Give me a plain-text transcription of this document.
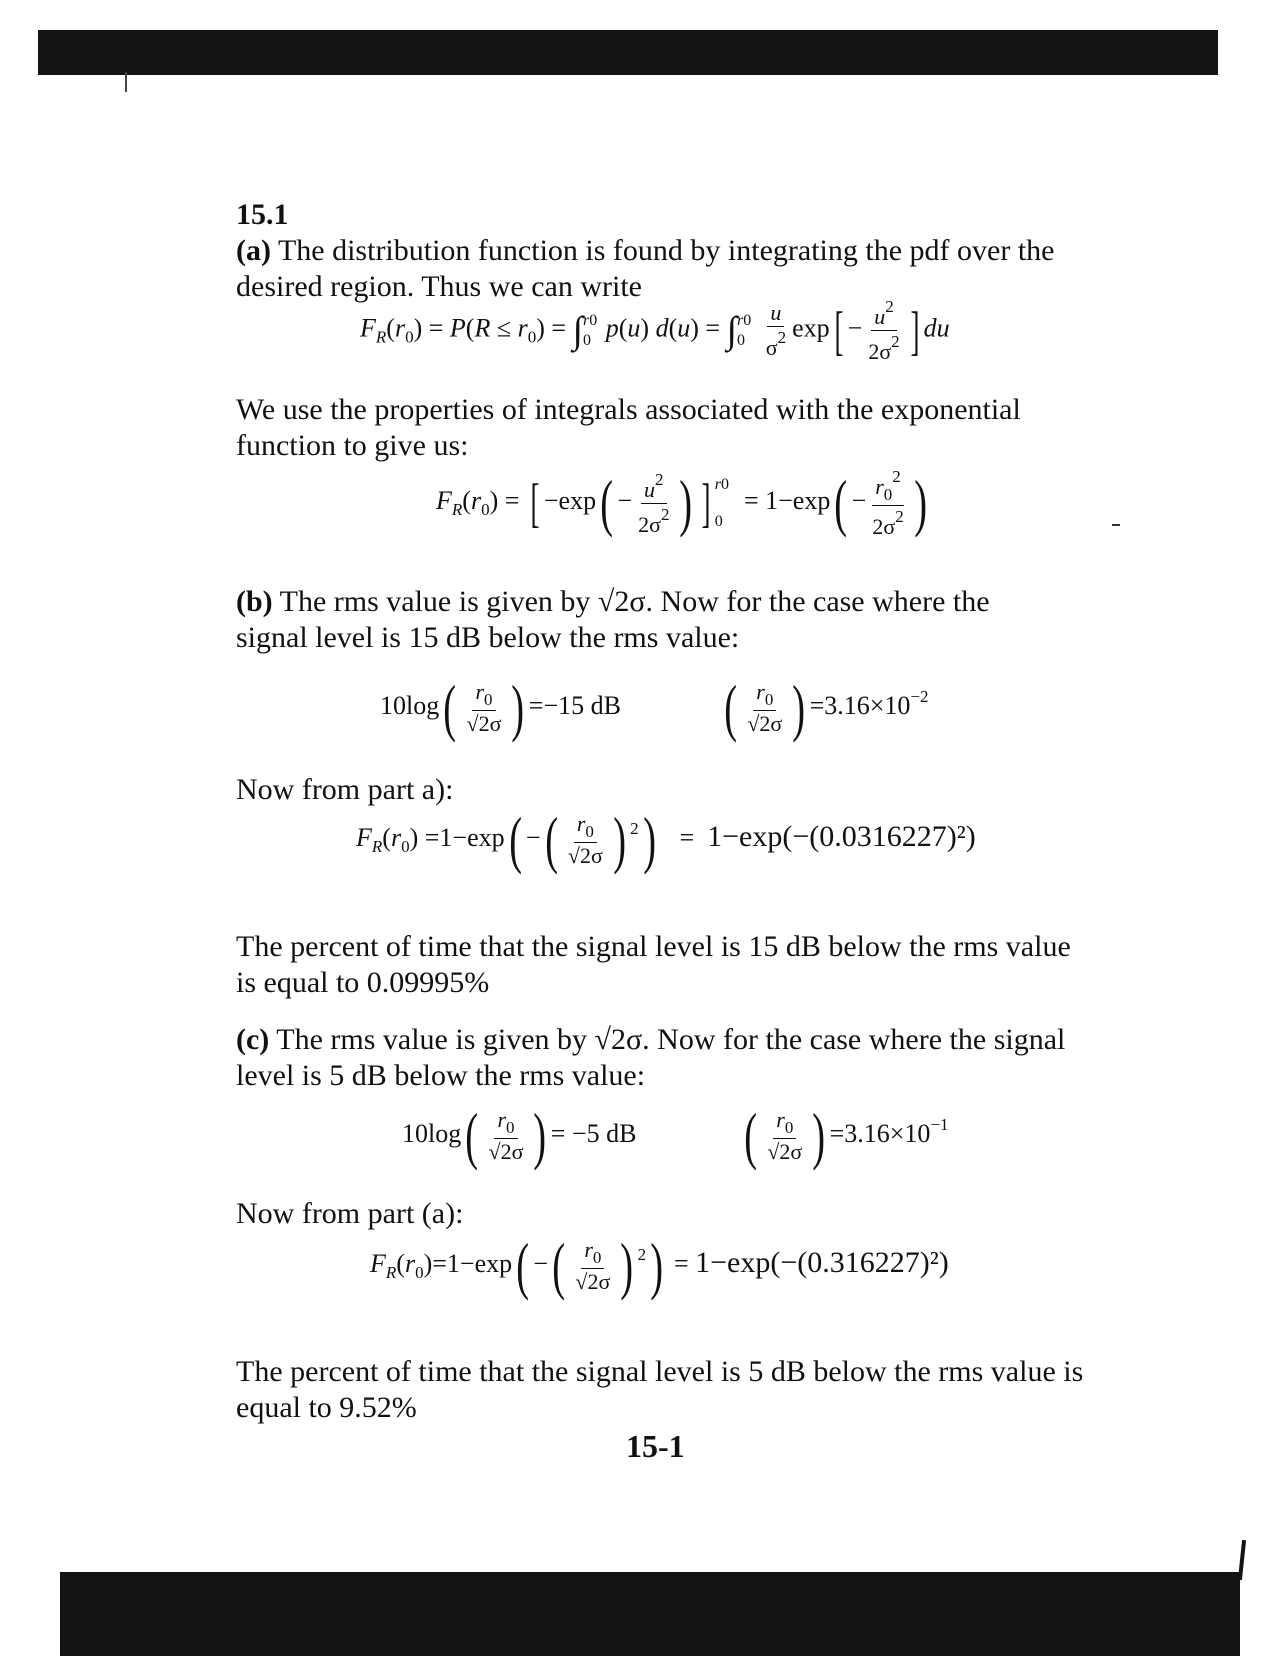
15.1
(a) The distribution function is found by integrating the pdf over the
desired region. Thus we can write
$F_R(r_0) = P(R \le r_0)$ = ∫ r0
0 p(u) d(u) = ∫ r0
0
$\frac{u}{\sigma^2} \exp[ - \frac{u^2}{2\sigma^2}$ ] du
We use the properties of integrals associated with the exponential
function to give us:
$F_R(r_0)$ = [ $-\exp( - \frac{u^2}{2\sigma^2}$ ) ] r0
0
= $1-\exp( - \frac{r_0^2}{2\sigma^2}$ )
(b) The rms value is given by √2σ. Now for the case where the
signal level is 15 dB below the rms value:
$10\log( \frac{r_0}{√2\sigma}$ ) =−15 dB ( $\frac{r_0}{√2\sigma}$ ) $=3.16\times 10^{-2}$
Now from part a):
$F_R(r_0) =1-\exp$( −( $\frac{r_0}{√2\sigma}$ ) $^2$)   =  1−exp(−(0.0316227)²)
The percent of time that the signal level is 15 dB below the rms value
is equal to 0.09995%
(c) The rms value is given by √2σ. Now for the case where the signal
level is 5 dB below the rms value:
$10\log( \frac{r_0}{√2\sigma}$ ) = −5 dB ( $\frac{r_0}{√2\sigma}$ ) $=3.16\times 10^{-1}$
Now from part (a):
$F_R(r_0)=1-\exp$( −( $\frac{r_0}{√2\sigma}$ ) $^2$) = 1−exp(−(0.316227)²)
The percent of time that the signal level is 5 dB below the rms value is
equal to 9.52%
15-1
